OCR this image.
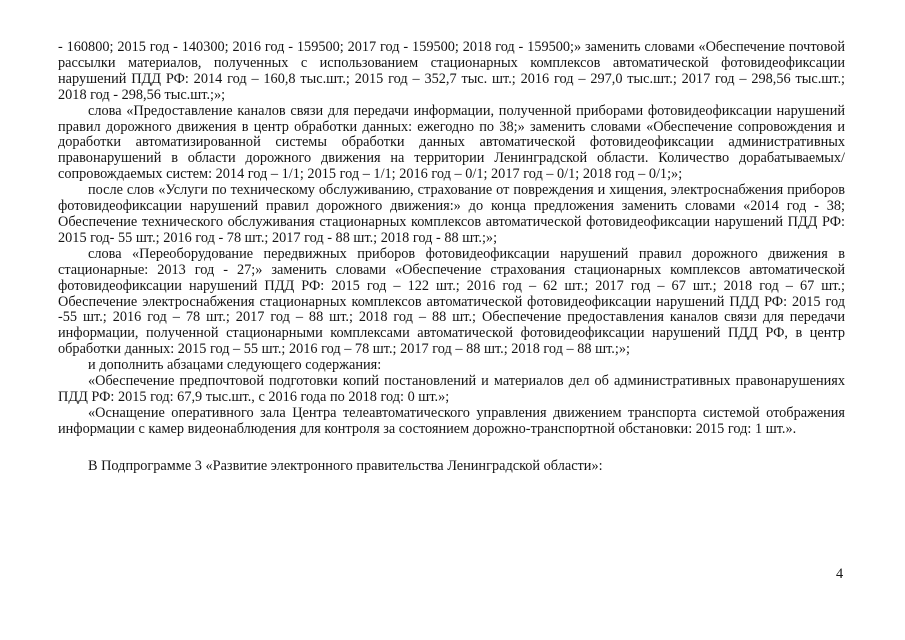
- 160800; 2015 год - 140300; 2016 год - 159500; 2017 год - 159500; 2018 год - 159500;» заменить словами «Обеспечение почтовой рассылки материалов, полученных с использованием стационарных комплексов автоматической фотовидеофиксации нарушений ПДД РФ: 2014 год – 160,8 тыс.шт.; 2015 год – 352,7 тыс. шт.; 2016 год – 297,0 тыс.шт.; 2017 год – 298,56 тыс.шт.; 2018 год - 298,56 тыс.шт.;»;

слова «Предоставление каналов связи для передачи информации, полученной приборами фотовидеофиксации нарушений правил дорожного движения в центр обработки данных: ежегодно по 38;» заменить словами «Обеспечение сопровождения и доработки автоматизированной системы обработки данных автоматической фотовидеофиксации административных правонарушений в области дорожного движения на территории Ленинградской области. Количество дорабатываемых/сопровождаемых систем: 2014 год – 1/1; 2015 год – 1/1; 2016 год – 0/1; 2017 год – 0/1; 2018 год – 0/1;»;

после слов «Услуги по техническому обслуживанию, страхование от повреждения и хищения, электроснабжения приборов фотовидеофиксации нарушений правил дорожного движения:» до конца предложения заменить словами «2014 год - 38; Обеспечение технического обслуживания стационарных комплексов автоматической фотовидеофиксации нарушений ПДД РФ: 2015 год- 55 шт.; 2016 год - 78 шт.; 2017 год - 88 шт.; 2018 год - 88 шт.;»;

слова «Переоборудование передвижных приборов фотовидеофиксации нарушений правил дорожного движения в стационарные: 2013 год - 27;» заменить словами «Обеспечение страхования стационарных комплексов автоматической фотовидеофиксации нарушений ПДД РФ: 2015 год – 122 шт.; 2016 год – 62 шт.; 2017 год – 67 шт.; 2018 год – 67 шт.; Обеспечение электроснабжения стационарных комплексов автоматической фотовидеофиксации нарушений ПДД РФ: 2015 год -55 шт.; 2016 год – 78 шт.; 2017 год – 88 шт.; 2018 год – 88 шт.; Обеспечение предоставления каналов связи для передачи информации, полученной стационарными комплексами автоматической фотовидеофиксации нарушений ПДД РФ, в центр обработки данных: 2015 год – 55 шт.; 2016 год – 78 шт.; 2017 год – 88 шт.; 2018 год – 88 шт.;»;

и дополнить абзацами следующего содержания:

«Обеспечение предпочтовой подготовки копий постановлений и материалов дел об административных правонарушениях ПДД РФ: 2015 год: 67,9 тыс.шт., с 2016 года по 2018 год: 0 шт.»;

«Оснащение оперативного зала Центра телеавтоматического управления движением транспорта системой отображения информации с камер видеонаблюдения для контроля за состоянием дорожно-транспортной обстановки: 2015 год: 1 шт.».

В Подпрограмме 3 «Развитие электронного правительства Ленинградской области»:

4
